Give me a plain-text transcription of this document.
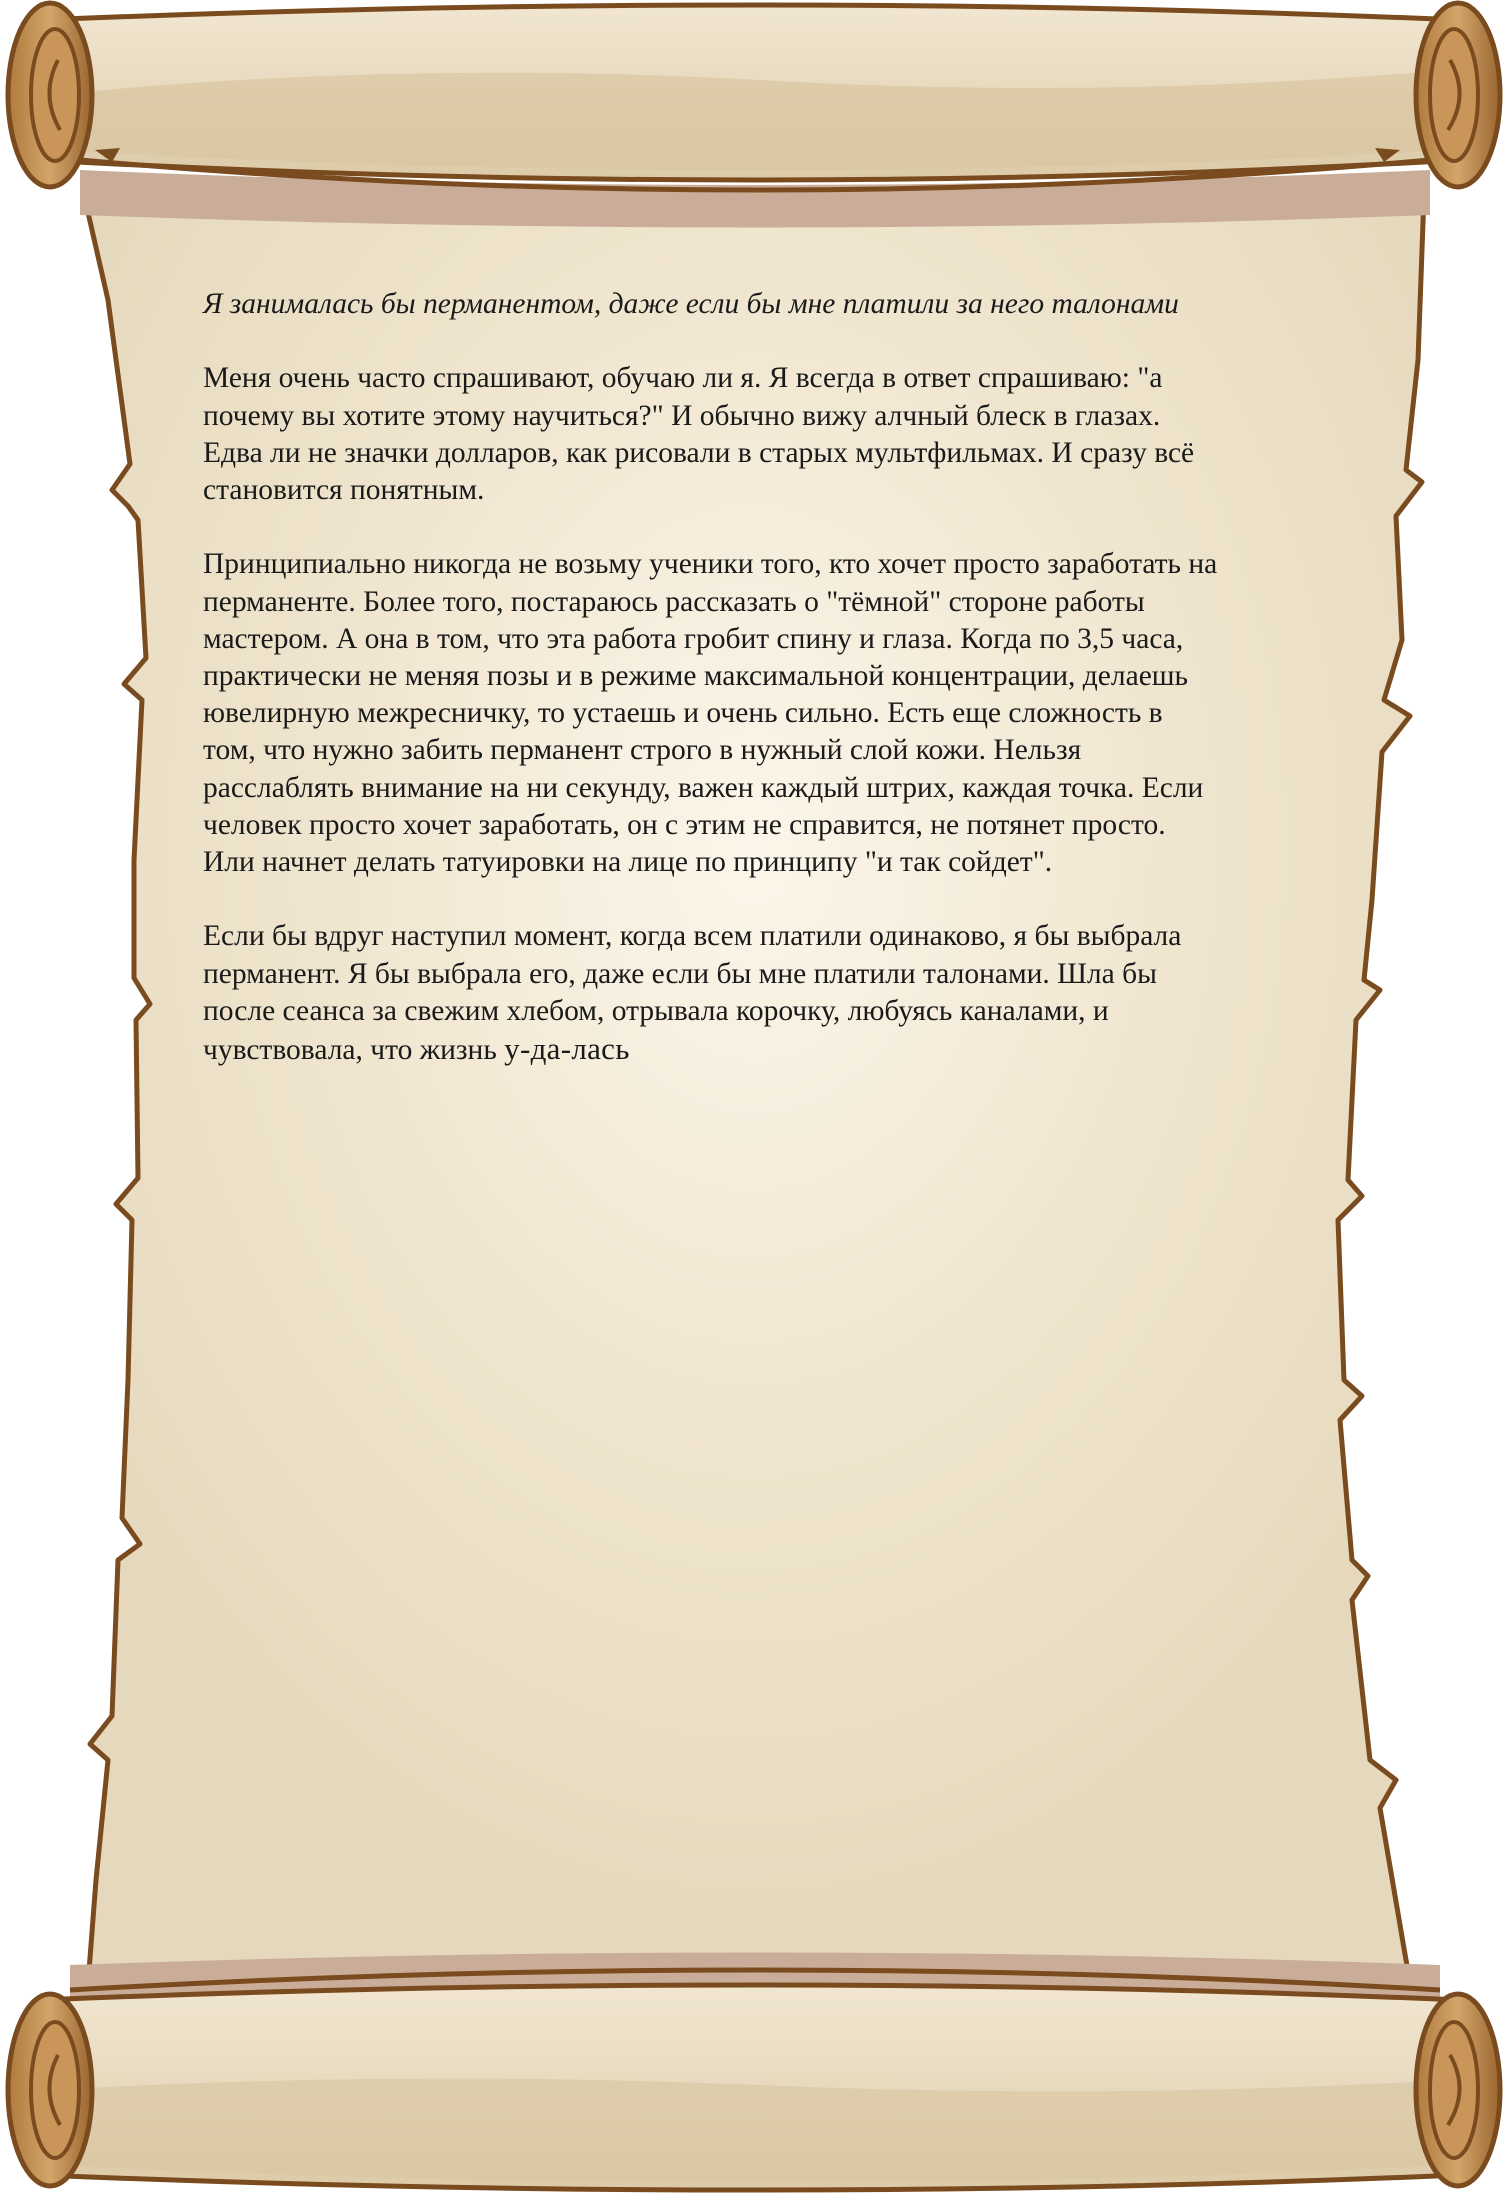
Я занималась бы перманентом, даже если бы мне платили за него талонами

Меня очень часто спрашивают, обучаю ли я. Я всегда в ответ спрашиваю: "а
почему вы хотите этому научиться?" И обычно вижу алчный блеск в глазах.
Едва ли не значки долларов, как рисовали в старых мультфильмах. И сразу всё
становится понятным.

Принципиально никогда не возьму ученики того, кто хочет просто заработать на
перманенте. Более того, постараюсь рассказать о "тёмной" стороне работы
мастером. А она в том, что эта работа гробит спину и глаза. Когда по 3,5 часа,
практически не меняя позы и в режиме максимальной концентрации, делаешь
ювелирную межресничку, то устаешь и очень сильно. Есть еще сложность в
том, что нужно забить перманент строго в нужный слой кожи. Нельзя
расслаблять внимание на ни секунду, важен каждый штрих, каждая точка. Если
человек просто хочет заработать, он с этим не справится, не потянет просто.
Или начнет делать татуировки на лице по принципу "и так сойдет".

Если бы вдруг наступил момент, когда всем платили одинаково, я бы выбрала
перманент. Я бы выбрала его, даже если бы мне платили талонами. Шла бы
после сеанса за свежим хлебом, отрывала корочку, любуясь каналами, и
чувствовала, что жизнь у-да-лась
